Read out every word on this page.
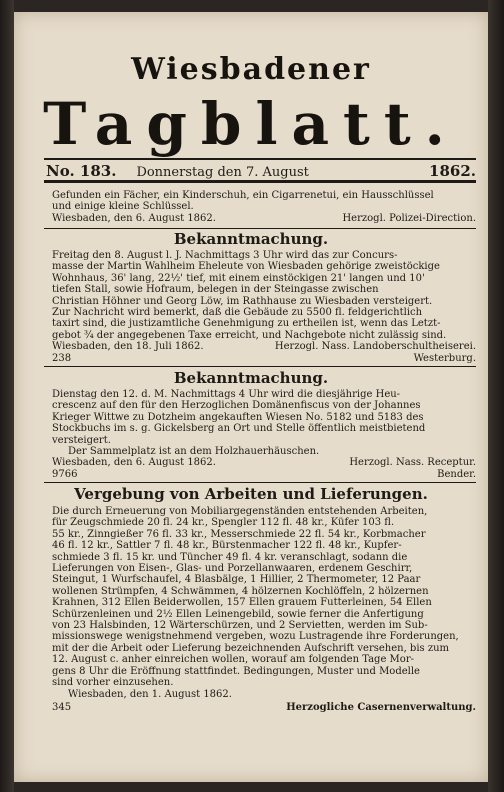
Wiesbadener
Tagblatt.
No. 183. Donnerstag den 7. August	1862.
Gefunden ein Fächer, ein Kinderschuh, ein Cigarrenetui, ein Hausschlüssel
und einige kleine Schlüssel.
Wiesbaden, den 6. August 1862.	Herzogl. Polizei-Direction.
Bekanntmachung.
Freitag den 8. August l. J. Nachmittags 3 Uhr wird das zur Concurs-
masse der Martin Wahlheim Eheleute von Wiesbaden gehörige zweistöckige
Wohnhaus, 36' lang, 22½' tief, mit einem einstöckigen 21' langen und 10'
tiefen Stall, sowie Hofraum, belegen in der Steingasse zwischen
Christian Höhner und Georg Löw, im Rathhause zu Wiesbaden versteigert.
Zur Nachricht wird bemerkt, daß die Gebäude zu 5500 fl. feldgerichtlich
taxirt sind, die justizamtliche Genehmigung zu ertheilen ist, wenn das Letzt-
gebot ¾ der angegebenen Taxe erreicht, und Nachgebote nicht zulässig sind.
Wiesbaden, den 18. Juli 1862.	Herzogl. Nass. Landoberschultheiserei.
238	Westerburg.
Bekanntmachung.
Dienstag den 12. d. M. Nachmittags 4 Uhr wird die diesjährige Heu-
crescenz auf den für den Herzoglichen Domänenfiscus von der Johannes
Krieger Wittwe zu Dotzheim angekauften Wiesen No. 5182 und 5183 des
Stockbuchs im s. g. Gickelsberg an Ort und Stelle öffentlich meistbietend
versteigert.
Der Sammelplatz ist an dem Holzhauerhäuschen.
Wiesbaden, den 6. August 1862.	Herzogl. Nass. Receptur.
9766	Bender.
Vergebung von Arbeiten und Lieferungen.
Die durch Erneuerung von Mobiliargegenständen entstehenden Arbeiten,
für Zeugschmiede 20 fl. 24 kr., Spengler 112 fl. 48 kr., Küfer 103 fl.
55 kr., Zinngießer 76 fl. 33 kr., Messerschmiede 22 fl. 54 kr., Korbmacher
46 fl. 12 kr., Sattler 7 fl. 48 kr., Bürstenmacher 122 fl. 48 kr., Kupfer-
schmiede 3 fl. 15 kr. und Tüncher 49 fl. 4 kr. veranschlagt, sodann die
Lieferungen von Eisen-, Glas- und Porzellanwaaren, erdenem Geschirr,
Steingut, 1 Wurfschaufel, 4 Blasbälge, 1 Hillier, 2 Thermometer, 12 Paar
wollenen Strümpfen, 4 Schwämmen, 4 hölzernen Kochlöffeln, 2 hölzernen
Krahnen, 312 Ellen Beiderwollen, 157 Ellen grauem Futterleinen, 54 Ellen
Schürzenleinen und 2½ Ellen Leinengebild, sowie ferner die Anfertigung
von 23 Halsbinden, 12 Wärterschürzen, und 2 Servietten, werden im Sub-
missionswege wenigstnehmend vergeben, wozu Lustragende ihre Forderungen,
mit der die Arbeit oder Lieferung bezeichnenden Aufschrift versehen, bis zum
12. August c. anher einreichen wollen, worauf am folgenden Tage Mor-
gens 8 Uhr die Eröffnung stattfindet. Bedingungen, Muster und Modelle
sind vorher einzusehen.
Wiesbaden, den 1. August 1862.
345	Herzogliche Casernenverwaltung.
